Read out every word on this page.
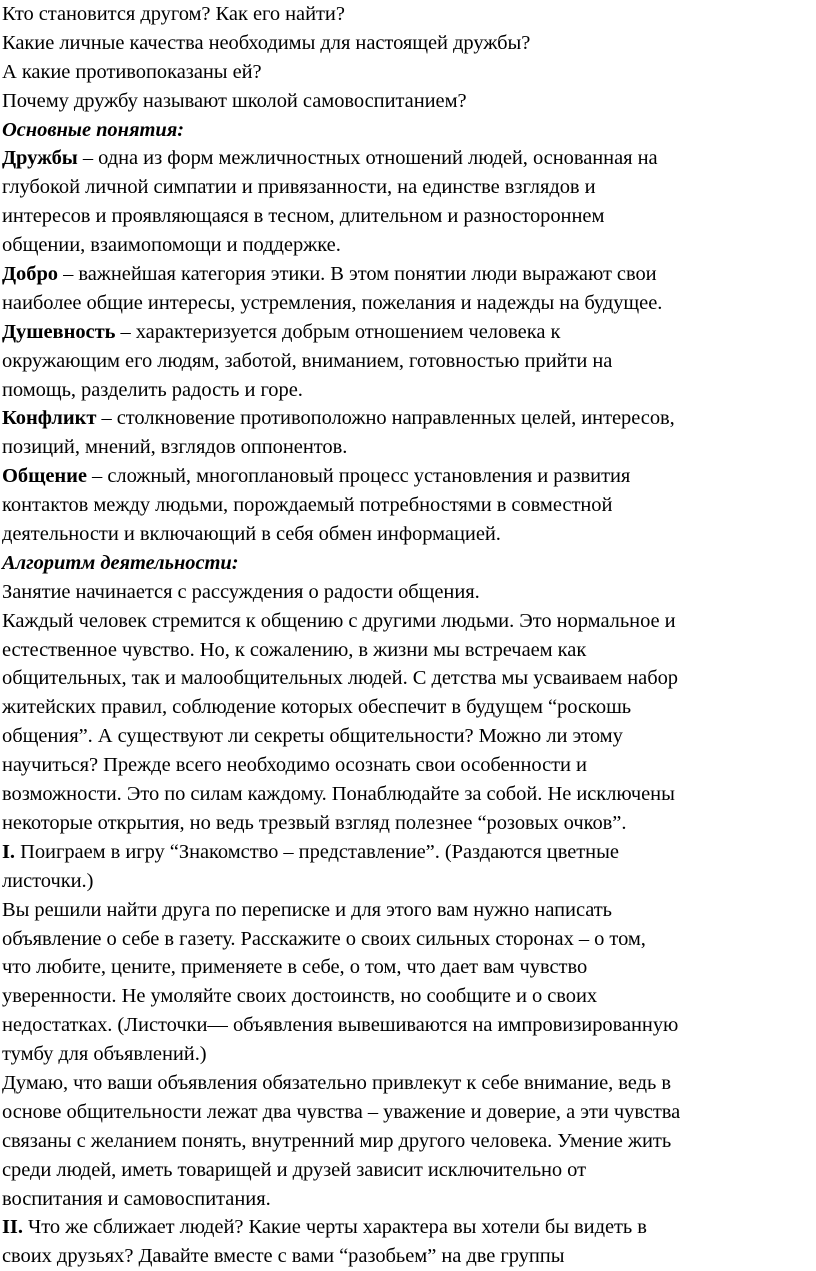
Кто становится другом? Как его найти?
Какие личные качества необходимы для настоящей дружбы?
А какие противопоказаны ей?
Почему дружбу называют школой самовоспитанием?
Основные понятия:
Дружбы – одна из форм межличностных отношений людей, основанная на
глубокой личной симпатии и привязанности, на единстве взглядов и
интересов и проявляющаяся в тесном, длительном и разностороннем
общении, взаимопомощи и поддержке.
Добро – важнейшая категория этики. В этом понятии люди выражают свои
наиболее общие интересы, устремления, пожелания и надежды на будущее.
Душевность – характеризуется добрым отношением человека к
окружающим его людям, заботой, вниманием, готовностью прийти на
помощь, разделить радость и горе.
Конфликт – столкновение противоположно направленных целей, интересов,
позиций, мнений, взглядов оппонентов.
Общение – сложный, многоплановый процесс установления и развития
контактов между людьми, порождаемый потребностями в совместной
деятельности и включающий в себя обмен информацией.
Алгоритм деятельности:
Занятие начинается с рассуждения о радости общения.
Каждый человек стремится к общению с другими людьми. Это нормальное и
естественное чувство. Но, к сожалению, в жизни мы встречаем как
общительных, так и малообщительных людей. С детства мы усваиваем набор
житейских правил, соблюдение которых обеспечит в будущем “роскошь
общения”. А существуют ли секреты общительности? Можно ли этому
научиться? Прежде всего необходимо осознать свои особенности и
возможности. Это по силам каждому. Понаблюдайте за собой. Не исключены
некоторые открытия, но ведь трезвый взгляд полезнее “розовых очков”.
I. Поиграем в игру “Знакомство – представление”. (Раздаются цветные
листочки.)
Вы решили найти друга по переписке и для этого вам нужно написать
объявление о себе в газету. Расскажите о своих сильных сторонах – о том,
что любите, цените, применяете в себе, о том, что дает вам чувство
уверенности. Не умоляйте своих достоинств, но сообщите и о своих
недостатках. (Листочки— объявления вывешиваются на импровизированную
тумбу для объявлений.)
Думаю, что ваши объявления обязательно привлекут к себе внимание, ведь в
основе общительности лежат два чувства – уважение и доверие, а эти чувства
связаны с желанием понять, внутренний мир другого человека. Умение жить
среди людей, иметь товарищей и друзей зависит исключительно от
воспитания и самовоспитания.
II. Что же сближает людей? Какие черты характера вы хотели бы видеть в
своих друзьях? Давайте вместе с вами “разобьем” на две группы
